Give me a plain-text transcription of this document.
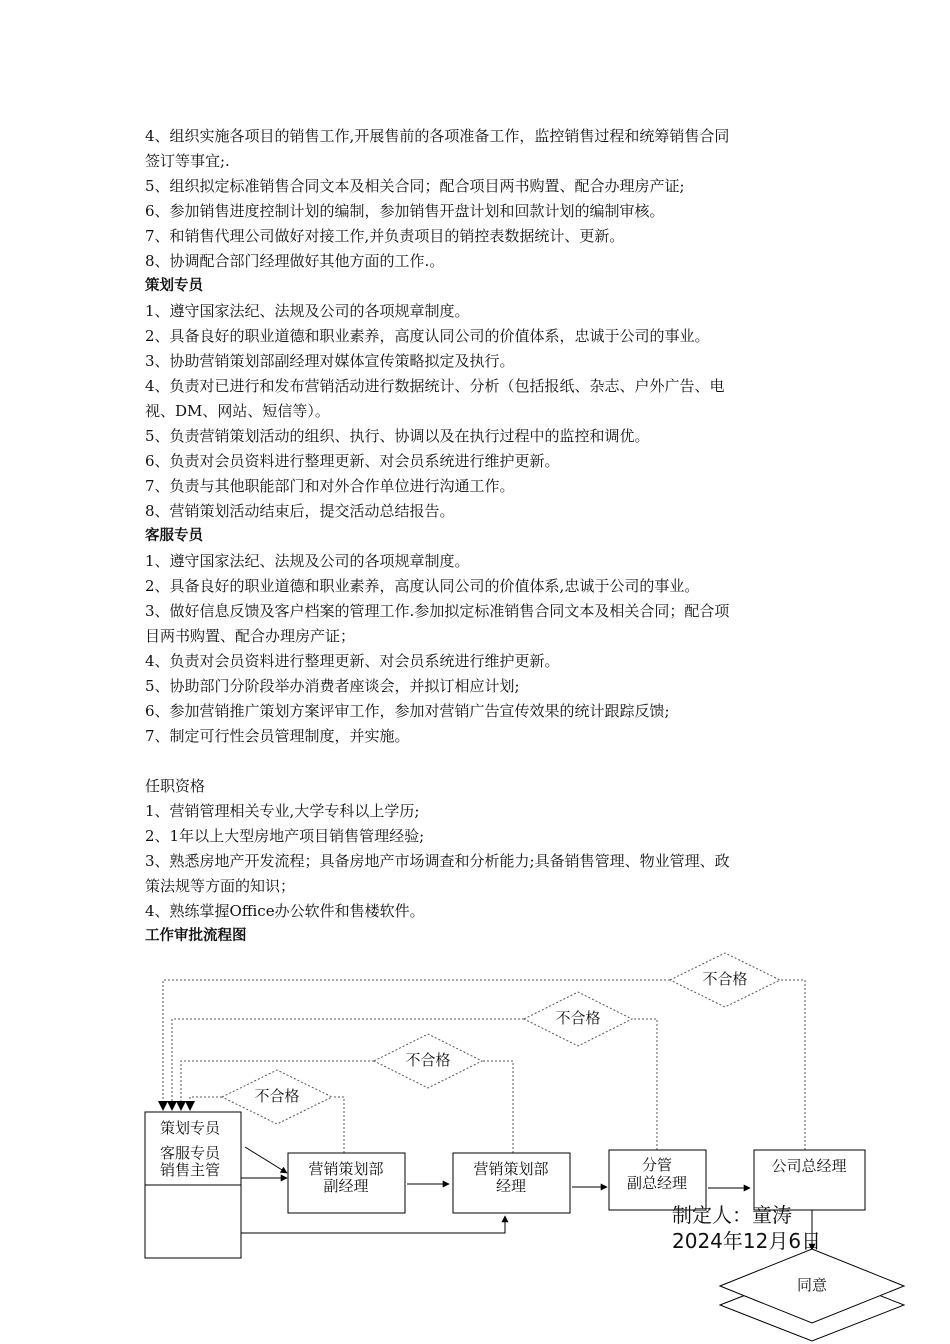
4、组织实施各项目的销售工作,开展售前的各项准备工作，监控销售过程和统筹销售合同

签订等事宜;.

5、组织拟定标准销售合同文本及相关合同；配合项目两书购置、配合办理房产证;

6、参加销售进度控制计划的编制，参加销售开盘计划和回款计划的编制审核。

7、和销售代理公司做好对接工作,并负责项目的销控表数据统计、更新。

8、协调配合部门经理做好其他方面的工作.。

策划专员

1、遵守国家法纪、法规及公司的各项规章制度。

2、具备良好的职业道德和职业素养，高度认同公司的价值体系，忠诚于公司的事业。

3、协助营销策划部副经理对媒体宣传策略拟定及执行。

4、负责对已进行和发布营销活动进行数据统计、分析（包括报纸、杂志、户外广告、电

视、DM、网站、短信等）。

5、负责营销策划活动的组织、执行、协调以及在执行过程中的监控和调优。

6、负责对会员资料进行整理更新、对会员系统进行维护更新。

7、负责与其他职能部门和对外合作单位进行沟通工作。

8、营销策划活动结束后，提交活动总结报告。

客服专员

1、遵守国家法纪、法规及公司的各项规章制度。

2、具备良好的职业道德和职业素养，高度认同公司的价值体系,忠诚于公司的事业。

3、做好信息反馈及客户档案的管理工作.参加拟定标准销售合同文本及相关合同；配合项

目两书购置、配合办理房产证；

4、负责对会员资料进行整理更新、对会员系统进行维护更新。

5、协助部门分阶段举办消费者座谈会，并拟订相应计划;

6、参加营销推广策划方案评审工作，参加对营销广告宣传效果的统计跟踪反馈;

7、制定可行性会员管理制度，并实施。

任职资格

1、营销管理相关专业,大学专科以上学历;

2、1年以上大型房地产项目销售管理经验;

3、熟悉房地产开发流程；具备房地产市场调查和分析能力;具备销售管理、物业管理、政

策法规等方面的知识；

4、熟练掌握Office办公软件和售楼软件。

工作审批流程图

不合格
不合格
不合格
不合格
策划专员
客服专员
销售主管	营销策划部
副经理
营销策划部
经理
分管
副总经理
公司总经理
同意
制定人：童涛
2024年12月6日
